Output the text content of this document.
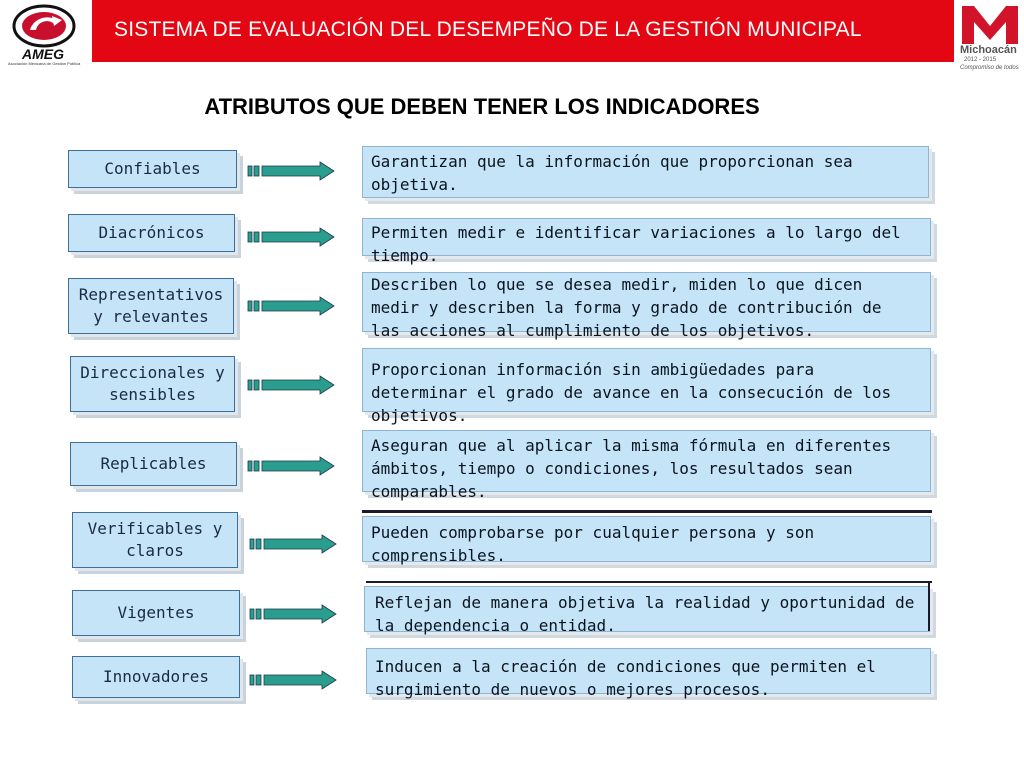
AMEG
Asociación Mexicana de Gestión Pública
SISTEMA DE EVALUACIÓN DEL DESEMPEÑO DE LA GESTIÓN MUNICIPAL
Michoacán
2012 - 2015
Compromiso de todos
ATRIBUTOS QUE DEBEN TENER LOS INDICADORES
Confiables	Garantizan que la información que proporcionan sea objetiva.
Diacrónicos	Permiten medir e identificar variaciones a lo largo del tiempo.
Representativos y relevantes
Describen lo que se desea medir, miden lo que dicen medir y describen la forma y grado de contribución de las acciones al cumplimiento de los objetivos.
Direccionales y sensibles
Proporcionan información sin ambigüedades para determinar el grado de avance en la consecución de los objetivos.
Replicables
Aseguran que al aplicar la misma fórmula en diferentes ámbitos, tiempo o condiciones, los resultados sean comparables.
Verificables y claros
Pueden comprobarse por cualquier persona y son comprensibles.
Vigentes
Reflejan de manera objetiva la realidad y oportunidad de la dependencia o entidad.
Innovadores
Inducen a la creación de condiciones que permiten el surgimiento de nuevos o mejores procesos.
